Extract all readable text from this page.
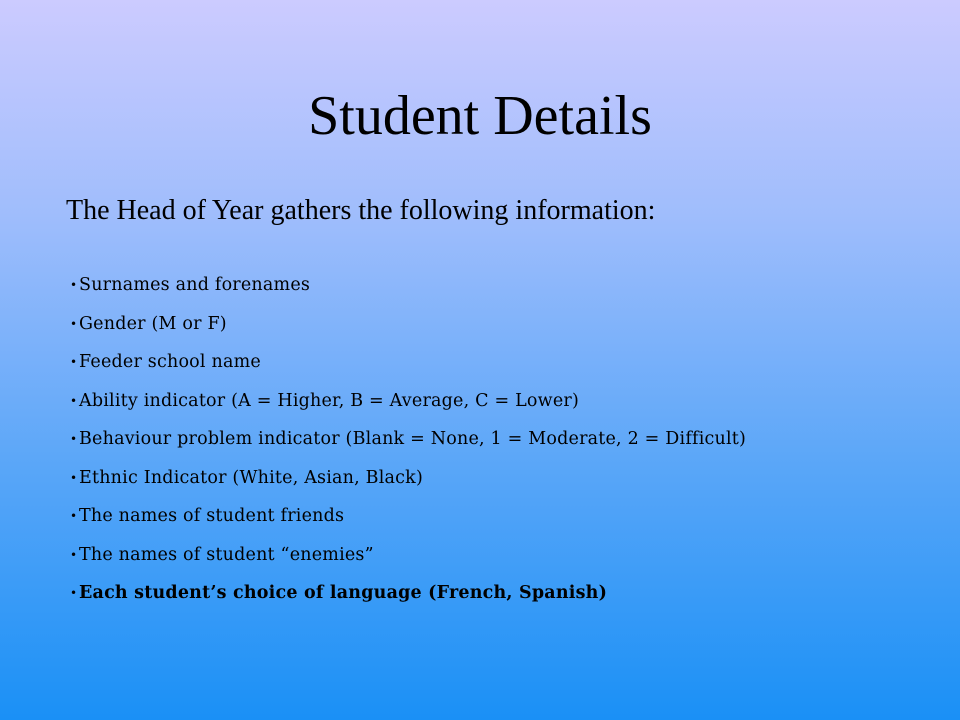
Student Details

The Head of Year gathers the following information:

• Surnames and forenames
• Gender (M or F)
• Feeder school name
• Ability indicator (A = Higher, B = Average, C = Lower)
• Behaviour problem indicator (Blank = None, 1 = Moderate, 2 = Difficult)
• Ethnic Indicator (White, Asian, Black)
• The names of student friends
• The names of student “enemies”
• Each student’s choice of language (French, Spanish)
